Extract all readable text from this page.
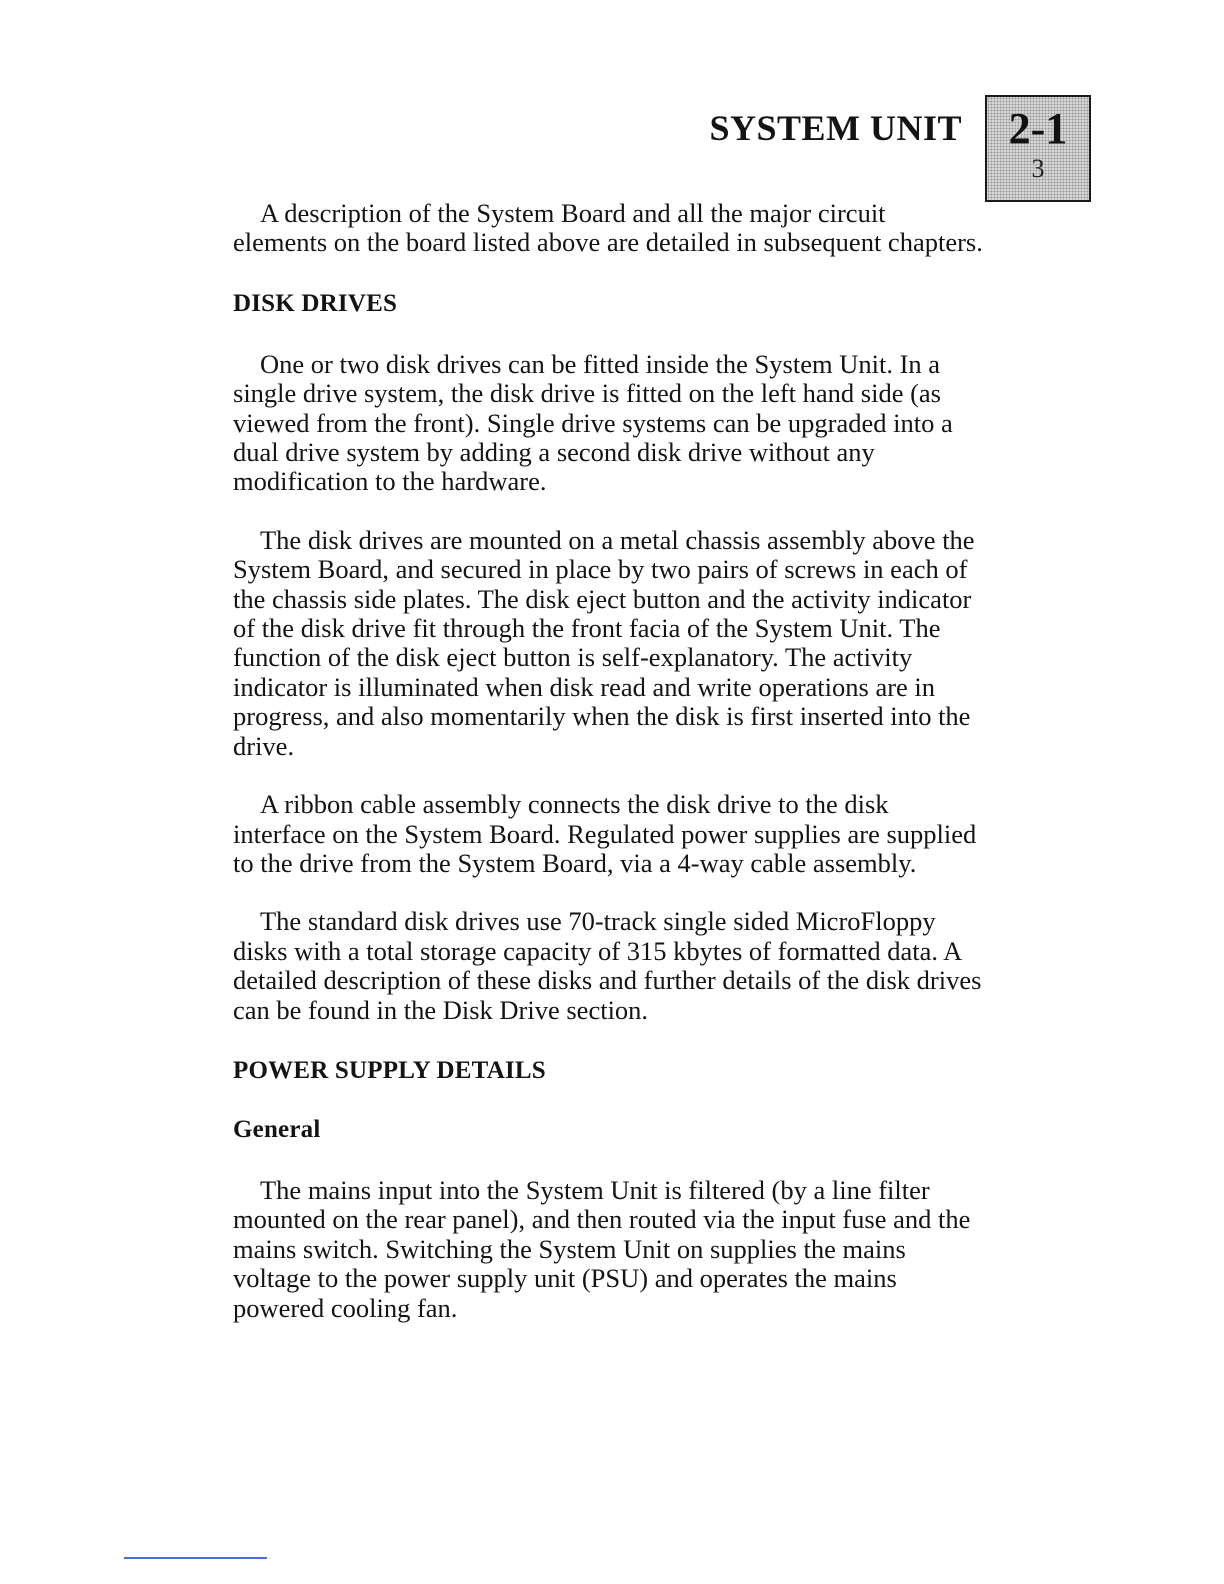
SYSTEM UNIT	2-1
3

A description of the System Board and all the major circuit elements on the board listed above are detailed in subsequent chapters.

DISK DRIVES

One or two disk drives can be fitted inside the System Unit. In a single drive system, the disk drive is fitted on the left hand side (as viewed from the front). Single drive systems can be upgraded into a dual drive system by adding a second disk drive without any modification to the hardware.

The disk drives are mounted on a metal chassis assembly above the System Board, and secured in place by two pairs of screws in each of the chassis side plates. The disk eject button and the activity indicator of the disk drive fit through the front facia of the System Unit. The function of the disk eject button is self-explanatory. The activity indicator is illuminated when disk read and write operations are in progress, and also momentarily when the disk is first inserted into the drive.

A ribbon cable assembly connects the disk drive to the disk interface on the System Board. Regulated power supplies are supplied to the drive from the System Board, via a 4-way cable assembly.

The standard disk drives use 70-track single sided MicroFloppy disks with a total storage capacity of 315 kbytes of formatted data. A detailed description of these disks and further details of the disk drives can be found in the Disk Drive section.

POWER SUPPLY DETAILS
General

The mains input into the System Unit is filtered (by a line filter mounted on the rear panel), and then routed via the input fuse and the mains switch. Switching the System Unit on supplies the mains voltage to the power supply unit (PSU) and operates the mains powered cooling fan.
